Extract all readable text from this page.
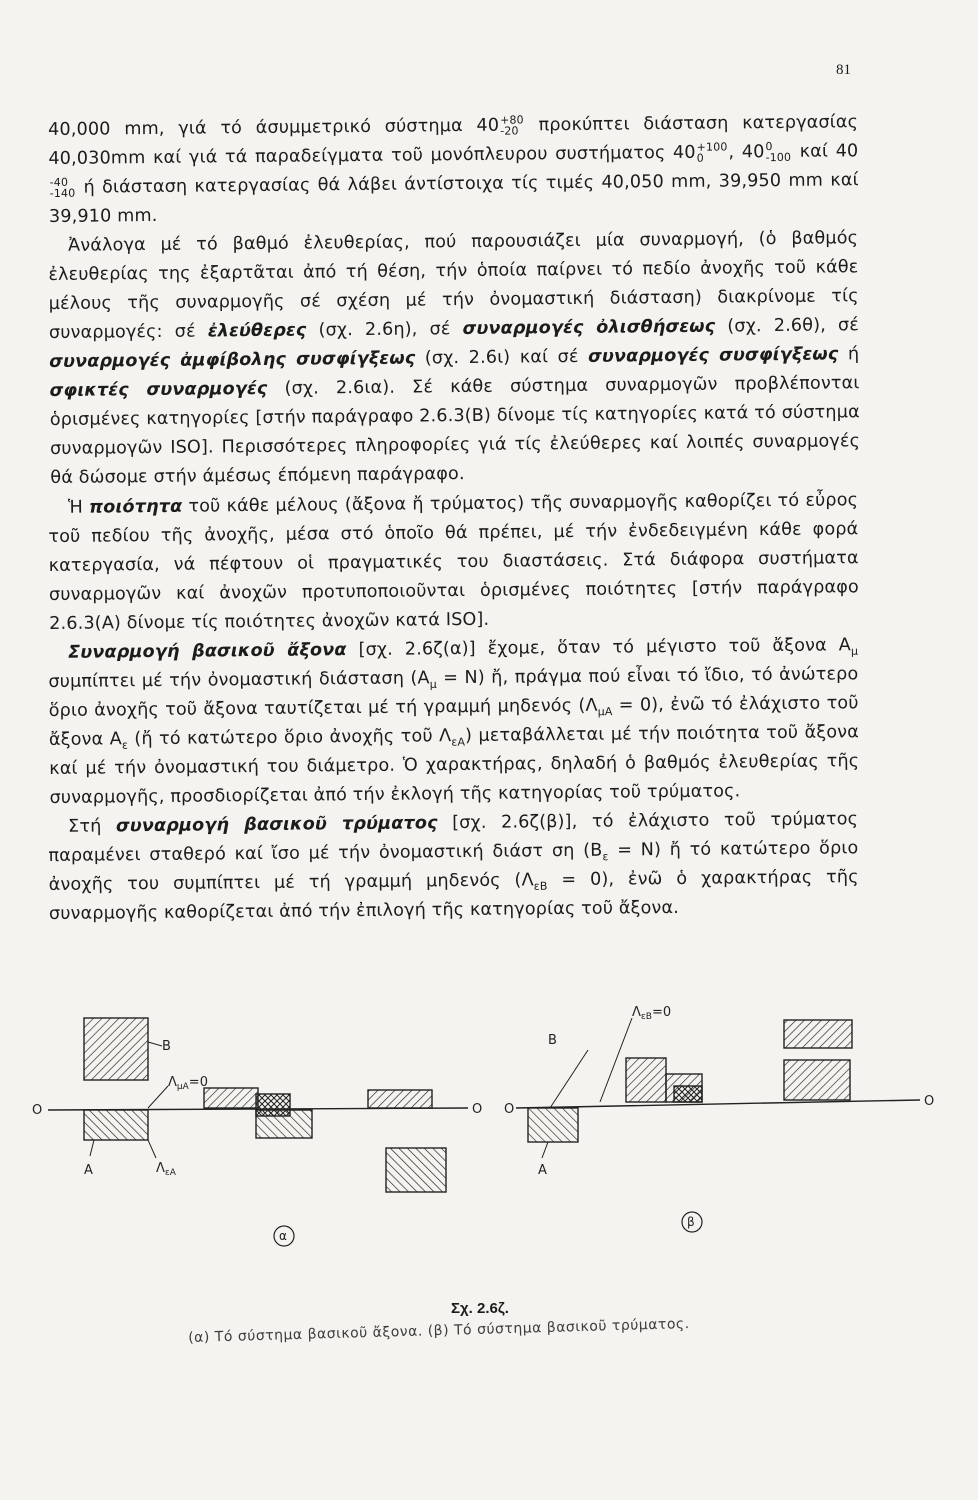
81

40,000 mm, γιά τό άσυμμετρικό σύστημα 40 +80
-20 προκύπτει διάσταση κατεργασίας 40,030mm καί γιά τά παραδείγματα τοῦ μονόπλευρου συστήματος 40 +100
0	, 40 0
-100 καί 40
-40
-140 ή διάσταση κατεργασίας θά λάβει άντίστοιχα τίς τιμές 40,050 mm, 39,950 mm καί 39,910 mm.

Ἀνάλογα μέ τό βαθμό ἐλευθερίας, πού παρουσιάζει μία συναρμογή, (ὁ βαθμός ἐλευθερίας της ἐξαρτᾶται ἀπό τή θέση, τήν ὁποία παίρνει τό πεδίο ἀνοχῆς τοῦ κάθε μέλους τῆς συναρμογῆς σέ σχέση μέ τήν ὀνομαστική διάσταση) διακρίνομε τίς συναρμογές: σέ ἐλεύθερες (σχ. 2.6η), σέ συναρμογές ὀλισθήσεως (σχ. 2.6θ), σέ συναρμογές ἀμφίβολης συσφίγξεως (σχ. 2.6ι) καί σέ συναρμογές συσφίγξεως ή σφικτές συναρμογές (σχ. 2.6ια). Σέ κάθε σύστημα συναρμογῶν προβλέπονται ὁρισμένες κατηγορίες [στήν παράγραφο 2.6.3(Β) δίνομε τίς κατηγορίες κατά τό σύστημα συναρμογῶν ISO]. Περισσότερες πληροφορίες γιά τίς ἐλεύθερες καί λοιπές συναρμογές θά δώσομε στήν άμέσως έπόμενη παράγραφο.

Ἡ ποιότητα τοῦ κάθε μέλους (ἄξονα ἤ τρύματος) τῆς συναρμογῆς καθορίζει τό εὖρος τοῦ πεδίου τῆς ἀνοχῆς, μέσα στό ὁποῖο θά πρέπει, μέ τήν ἐνδεδειγμένη κάθε φορά κατεργασία, νά πέφτουν οἱ πραγματικές του διαστάσεις. Στά διάφορα συστήματα συναρμογῶν καί ἀνοχῶν προτυποποιοῦνται ὁρισμένες ποιότητες [στήν παράγραφο 2.6.3(Α) δίνομε τίς ποιότητες ἀνοχῶν κατά ISO].

Συναρμογή βασικοῦ ἄξονα [σχ. 2.6ζ(α)] ἔχομε, ὅταν τό μέγιστο τοῦ ἄξονα $A_\mu$ συμπίπτει μέ τήν ὀνομαστική διάσταση $(A_\mu = N)$ ἤ, πράγμα πού εἶναι τό ἴδιο, τό ἀνώτερο ὅριο ἀνοχῆς τοῦ ἄξονα ταυτίζεται μέ τή γραμμή μηδενός $(\Lambda_{\mu A} = 0)$, ἐνῶ τό ἐλάχιστο τοῦ ἄξονα $A_\varepsilon$ (ἤ τό κατώτερο ὅριο ἀνοχῆς τοῦ $\Lambda_{\varepsilon A}$) μεταβάλλεται μέ τήν ποιότητα τοῦ ἄξονα καί μέ τήν ὀνομαστική του διάμετρο. Ὁ χαρακτήρας, δηλαδή ὁ βαθμός ἐλευθερίας τῆς συναρμογῆς, προσδιορίζεται ἀπό τήν ἐκλογή τῆς κατηγορίας τοῦ τρύματος.

Στή συναρμογή βασικοῦ τρύματος [σχ. 2.6ζ(β)], τό ἐλάχιστο τοῦ τρύματος παραμένει σταθερό καί ἴσο μέ τήν ὀνομαστική διάστ ση $(B_\varepsilon = N)$ ἤ τό κατώτερο ὅριο ἀνοχῆς του συμπίπτει μέ τή γραμμή μηδενός $(\Lambda_{\varepsilon B} = 0)$, ἐνῶ ὁ χαρακτήρας τῆς συναρμογῆς καθορίζεται ἀπό τήν ἐπιλογή τῆς κατηγορίας τοῦ ἄξονα.

B
A
O	O O
O
$\Lambda_{\mu A}=0$
$\Lambda_{\varepsilon A}$
B
A
$\Lambda_{\varepsilon B}=0$
α
β
Σχ. 2.6ζ.
(α) Τό σύστημα βασικοῦ ἄξονα. (β) Τό σύστημα βασικοῦ τρύματος.
